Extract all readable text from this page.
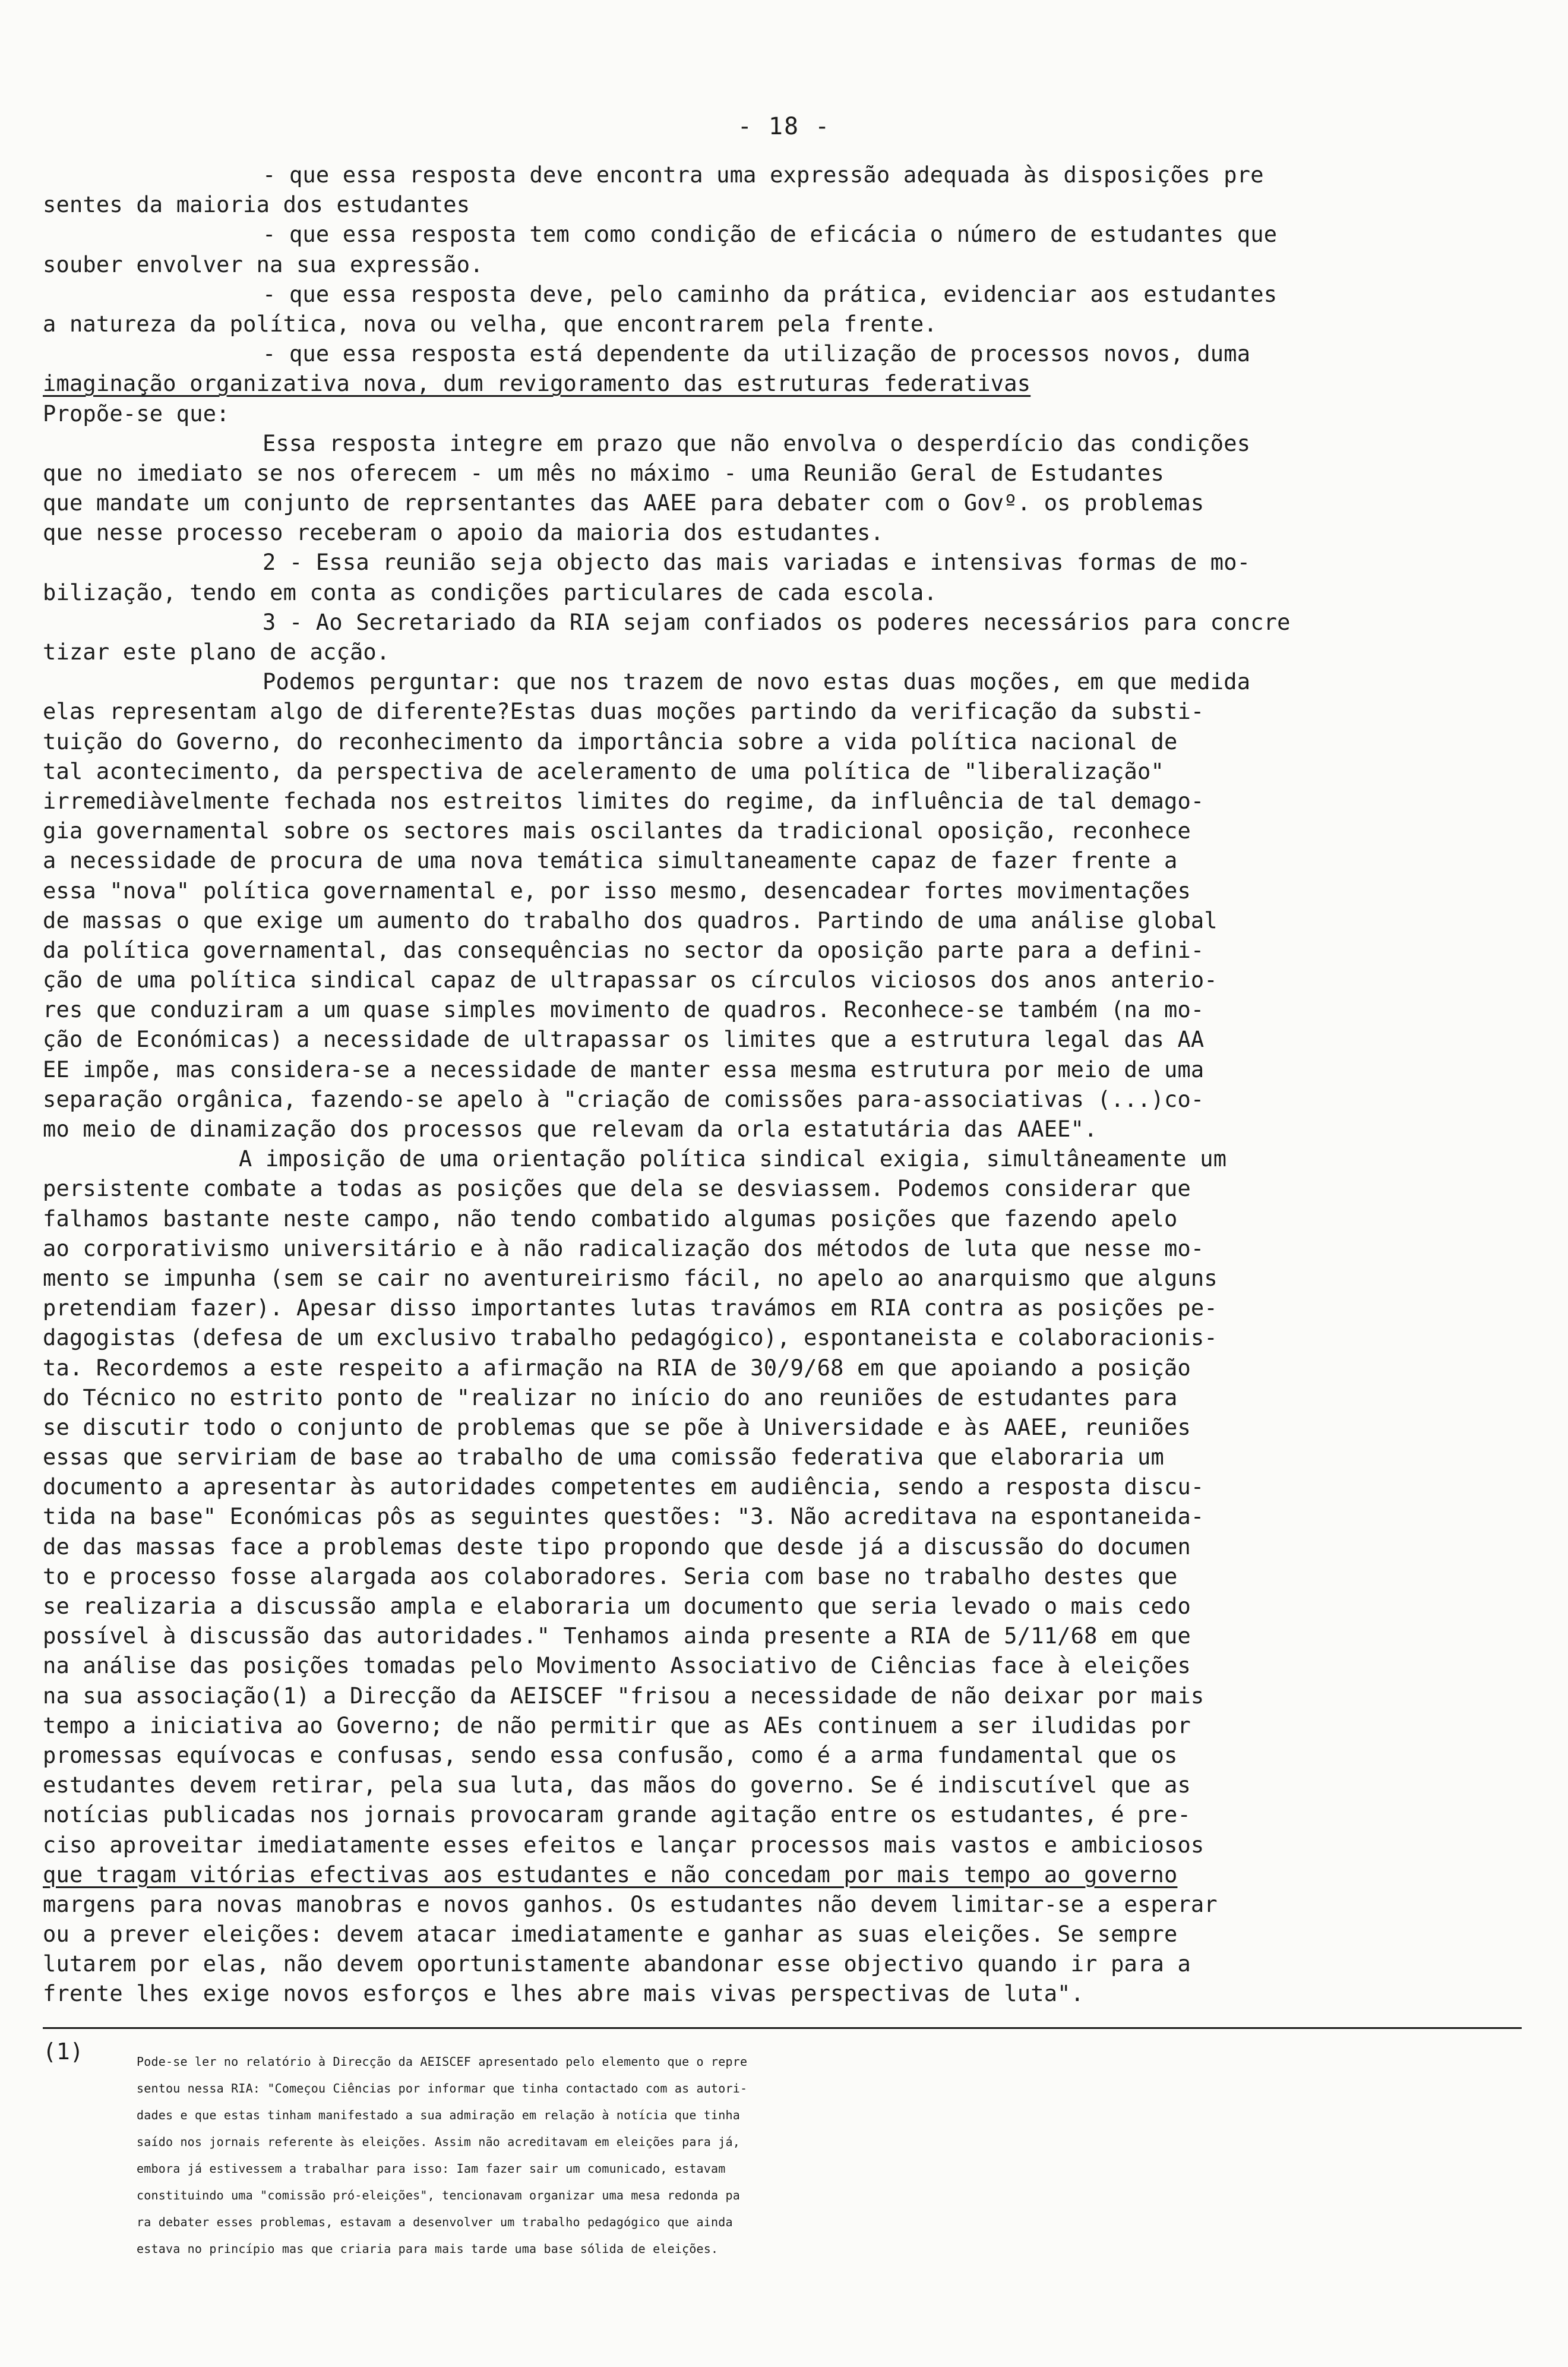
- 18 -
- que essa resposta deve encontra uma expressão adequada às disposições pre
sentes da maioria dos estudantes
- que essa resposta tem como condição de eficácia o número de estudantes que
souber envolver na sua expressão.
- que essa resposta deve, pelo caminho da prática, evidenciar aos estudantes
a natureza da política, nova ou velha, que encontrarem pela frente.
- que essa resposta está dependente da utilização de processos novos, duma
imaginação organizativa nova, dum revigoramento das estruturas federativas
Propõe-se que:
Essa resposta integre em prazo que não envolva o desperdício das condições
que no imediato se nos oferecem - um mês no máximo - uma Reunião Geral de Estudantes
que mandate um conjunto de reprsentantes das AAEE para debater com o Govº. os problemas
que nesse processo receberam o apoio da maioria dos estudantes.
2 - Essa reunião seja objecto das mais variadas e intensivas formas de mo-
bilização, tendo em conta as condições particulares de cada escola.
3 - Ao Secretariado da RIA sejam confiados os poderes necessários para concre
tizar este plano de acção.
Podemos perguntar: que nos trazem de novo estas duas moções, em que medida
elas representam algo de diferente?Estas duas moções partindo da verificação da substi-
tuição do Governo, do reconhecimento da importância sobre a vida política nacional de
tal acontecimento, da perspectiva de aceleramento de uma política de "liberalização"
irremediàvelmente fechada nos estreitos limites do regime, da influência de tal demago-
gia governamental sobre os sectores mais oscilantes da tradicional oposição, reconhece
a necessidade de procura de uma nova temática simultaneamente capaz de fazer frente a
essa "nova" política governamental e, por isso mesmo, desencadear fortes movimentações
de massas o que exige um aumento do trabalho dos quadros. Partindo de uma análise global
da política governamental, das consequências no sector da oposição parte para a defini-
ção de uma política sindical capaz de ultrapassar os círculos viciosos dos anos anterio-
res que conduziram a um quase simples movimento de quadros. Reconhece-se também (na mo-
ção de Económicas) a necessidade de ultrapassar os limites que a estrutura legal das AA
EE impõe, mas considera-se a necessidade de manter essa mesma estrutura por meio de uma
separação orgânica, fazendo-se apelo à "criação de comissões para-associativas (...)co-
mo meio de dinamização dos processos que relevam da orla estatutária das AAEE".
A imposição de uma orientação política sindical exigia, simultâneamente um
persistente combate a todas as posições que dela se desviassem. Podemos considerar que
falhamos bastante neste campo, não tendo combatido algumas posições que fazendo apelo
ao corporativismo universitário e à não radicalização dos métodos de luta que nesse mo-
mento se impunha (sem se cair no aventureirismo fácil, no apelo ao anarquismo que alguns
pretendiam fazer). Apesar disso importantes lutas travámos em RIA contra as posições pe-
dagogistas (defesa de um exclusivo trabalho pedagógico), espontaneista e colaboracionis-
ta. Recordemos a este respeito a afirmação na RIA de 30/9/68 em que apoiando a posição
do Técnico no estrito ponto de "realizar no início do ano reuniões de estudantes para
se discutir todo o conjunto de problemas que se põe à Universidade e às AAEE, reuniões
essas que serviriam de base ao trabalho de uma comissão federativa que elaboraria um
documento a apresentar às autoridades competentes em audiência, sendo a resposta discu-
tida na base" Económicas pôs as seguintes questões: "3. Não acreditava na espontaneida-
de das massas face a problemas deste tipo propondo que desde já a discussão do documen
to e processo fosse alargada aos colaboradores. Seria com base no trabalho destes que
se realizaria a discussão ampla e elaboraria um documento que seria levado o mais cedo
possível à discussão das autoridades." Tenhamos ainda presente a RIA de 5/11/68 em que
na análise das posições tomadas pelo Movimento Associativo de Ciências face à eleições
na sua associação(1) a Direcção da AEISCEF "frisou a necessidade de não deixar por mais
tempo a iniciativa ao Governo; de não permitir que as AEs continuem a ser iludidas por
promessas equívocas e confusas, sendo essa confusão, como é a arma fundamental que os
estudantes devem retirar, pela sua luta, das mãos do governo. Se é indiscutível que as
notícias publicadas nos jornais provocaram grande agitação entre os estudantes, é pre-
ciso aproveitar imediatamente esses efeitos e lançar processos mais vastos e ambiciosos
que tragam vitórias efectivas aos estudantes e não concedam por mais tempo ao governo
margens para novas manobras e novos ganhos. Os estudantes não devem limitar-se a esperar
ou a prever eleições: devem atacar imediatamente e ganhar as suas eleições. Se sempre
lutarem por elas, não devem oportunistamente abandonar esse objectivo quando ir para a
frente lhes exige novos esforços e lhes abre mais vivas perspectivas de luta".
(1)	Pode-se ler no relatório à Direcção da AEISCEF apresentado pelo elemento que o repre
sentou nessa RIA: "Começou Ciências por informar que tinha contactado com as autori-
dades e que estas tinham manifestado a sua admiração em relação à notícia que tinha
saído nos jornais referente às eleições. Assim não acreditavam em eleições para já,
embora já estivessem a trabalhar para isso: Iam fazer sair um comunicado, estavam
constituindo uma "comissão pró-eleições", tencionavam organizar uma mesa redonda pa
ra debater esses problemas, estavam a desenvolver um trabalho pedagógico que ainda
estava no princípio mas que criaria para mais tarde uma base sólida de eleições.
